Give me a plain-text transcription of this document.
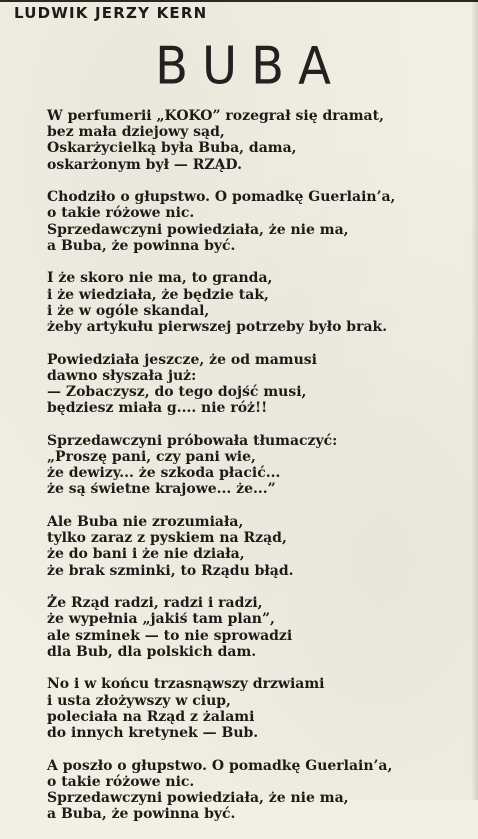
LUDWIK JERZY KERN
BUBA

W perfumerii „KOKO” rozegrał się dramat,
bez mała dziejowy sąd,
Oskarżycielką była Buba, dama,
oskarżonym był — RZĄD.

Chodziło o głupstwo. O pomadkę Guerlain’a,
o takie różowe nic.
Sprzedawczyni powiedziała, że nie ma,
a Buba, że powinna być.

I że skoro nie ma, to granda,
i że wiedziała, że będzie tak,
i że w ogóle skandal,
żeby artykułu pierwszej potrzeby było brak.

Powiedziała jeszcze, że od mamusi
dawno słyszała już:
— Zobaczysz, do tego dojść musi,
będziesz miała g.... nie róż!!

Sprzedawczyni próbowała tłumaczyć:
„Proszę pani, czy pani wie,
że dewizy... że szkoda płacić...
że są świetne krajowe... że...”

Ale Buba nie zrozumiała,
tylko zaraz z pyskiem na Rząd,
że do bani i że nie działa,
że brak szminki, to Rządu błąd.

Że Rząd radzi, radzi i radzi,
że wypełnia „jakiś tam plan”,
ale szminek — to nie sprowadzi
dla Bub, dla polskich dam.

No i w końcu trzasnąwszy drzwiami
i usta złożywszy w ciup,
poleciała na Rząd z żalami
do innych kretynek — Bub.

A poszło o głupstwo. O pomadkę Guerlain’a,
o takie różowe nic.
Sprzedawczyni powiedziała, że nie ma,
a Buba, że powinna być.
